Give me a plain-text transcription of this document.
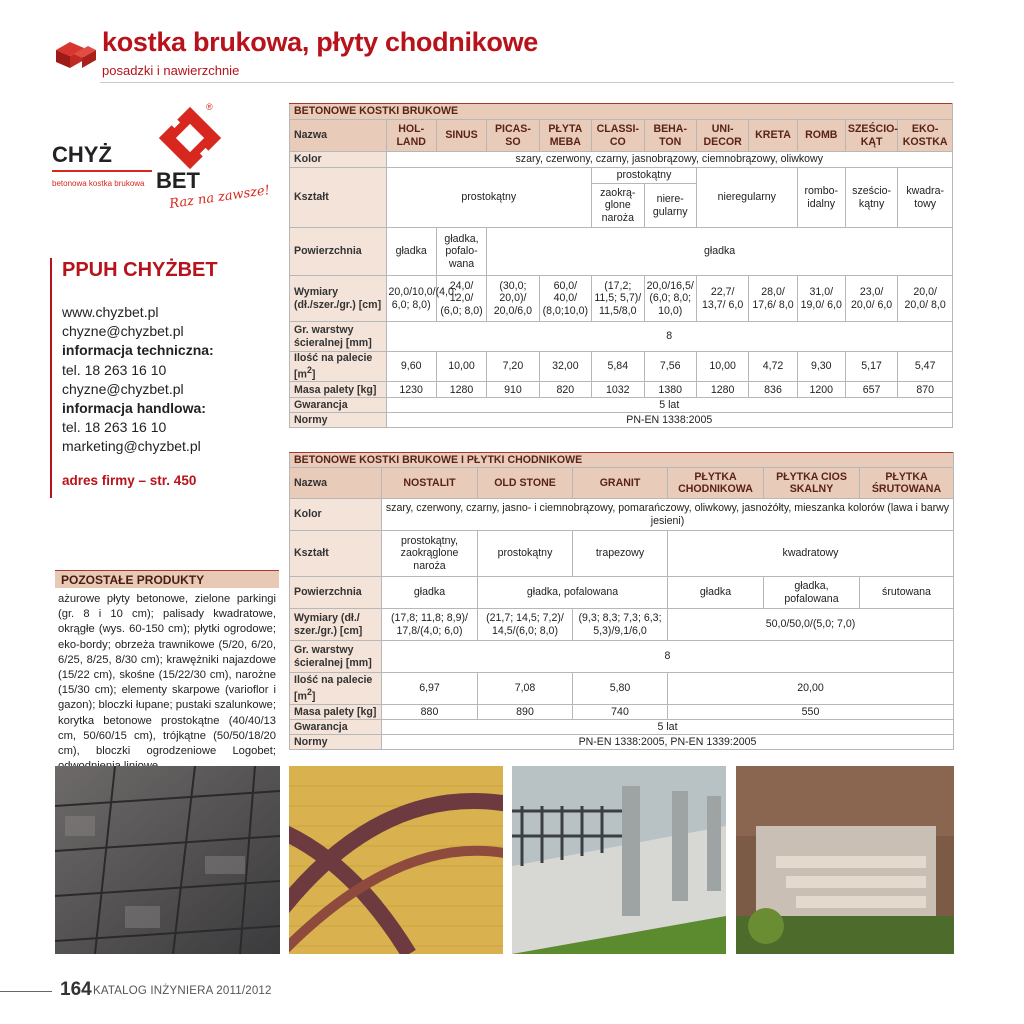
kostka brukowa, płyty chodnikowe
posadzki i nawierzchnie
CHYŻ
betonowa kostka brukowa BET
Raz na zawsze!
®
PPUH CHYŻBET
www.chyzbet.pl
chyzne@chyzbet.pl
informacja techniczna:
tel. 18 263 16 10
chyzne@chyzbet.pl
informacja handlowa:
tel. 18 263 16 10
marketing@chyzbet.pl
adres firmy – str. 450
POZOSTAŁE PRODUKTY
ażurowe płyty betonowe, zielone parkingi (gr. 8 i 10 cm); palisady kwadratowe, okrągłe (wys. 60-150 cm); płytki ogrodowe; eko-bordy; obrzeża trawnikowe (5/20, 6/20, 6/25, 8/25, 8/30 cm); krawężniki najazdowe (15/22 cm), skośne (15/22/30 cm), narożne (15/30 cm); elementy skarpowe (varioflor i gazon); bloczki łupane; pustaki szalunkowe; korytka betonowe prostokątne (40/40/13 cm, 50/60/15 cm), trójkątne (50/50/18/20 cm), bloczki ogrodzeniowe Logobet;
BETONOWE KOSTKI BRUKOWE											
Nazwa	HOL-LAND	SINUS	PICAS-SO	PŁYTA MEBA	CLASSI-CO	BEHA-TON	UNI-DECOR	KRETA	ROMB	SZEŚCIO-KĄT	EKO-KOSTKA
Kolor	szary, czerwony, czarny, jasnobrązowy, ciemnobrązowy, oliwkowy										
Kształt	prostokątny				prostokątny		nieregularny		rombo-idalny	sześcio-kątny	kwadra-towy
					zaokrą-glone naroża	niere-gularny					
Powierzchnia	gładka	gładka, pofalo-wana	gładka								
Wymiary (dł./szer./gr.) [cm]	20,0/10,0/(4,0; 6,0; 8,0)	24,0/ 12,0/ (6,0; 8,0)	(30,0; 20,0)/ 20,0/6,0	60,0/ 40,0/ (8,0;10,0)	(17,2; 11,5; 5,7)/ 11,5/8,0	20,0/16,5/ (6,0; 8,0; 10,0)	22,7/ 13,7/ 6,0	28,0/ 17,6/ 8,0	31,0/ 19,0/ 6,0	23,0/ 20,0/ 6,0	20,0/ 20,0/ 8,0
Gr. warstwy ścieralnej [mm]	8										
Ilość na palecie $[m^2]$	9,60	10,00	7,20	32,00	5,84	7,56	10,00	4,72	9,30	5,17	5,47
Masa palety [kg]	1230	1280	910	820	1032	1380	1280	836	1200	657	870
Gwarancja	5 lat										
Normy	PN-EN 1338:2005										
BETONOWE KOSTKI BRUKOWE I PŁYTKI CHODNIKOWE						
Nazwa	NOSTALIT	OLD STONE	GRANIT	PŁYTKA CHODNIKOWA	PŁYTKA CIOS SKALNY	PŁYTKA ŚRUTOWANA
Kolor	szary, czerwony, czarny, jasno- i ciemnobrązowy, pomarańczowy, oliwkowy, jasnożółty, mieszanka kolorów (lawa i barwy jesieni)					
Kształt	prostokątny, zaokrąglone naroża	prostokątny	trapezowy	kwadratowy		
Powierzchnia	gładka	gładka, pofalowana		gładka	gładka, pofalowana	śrutowana
Wymiary (dł./ szer./gr.) [cm]	(17,8; 11,8; 8,9)/ 17,8/(4,0; 6,0)	(21,7; 14,5; 7,2)/ 14,5/(6,0; 8,0)	(9,3; 8,3; 7,3; 6,3; 5,3)/9,1/6,0	50,0/50,0/(5,0; 7,0)		
Gr. warstwy ścieralnej [mm]	8					
Ilość na palecie $[m^2]$	6,97	7,08	5,80	20,00		
Masa palety [kg]	880	890	740	550		
Gwarancja	5 lat					
Normy	PN-EN 1338:2005, PN-EN 1339:2005					
164 KATALOG INŻYNIERA 2011/2012
